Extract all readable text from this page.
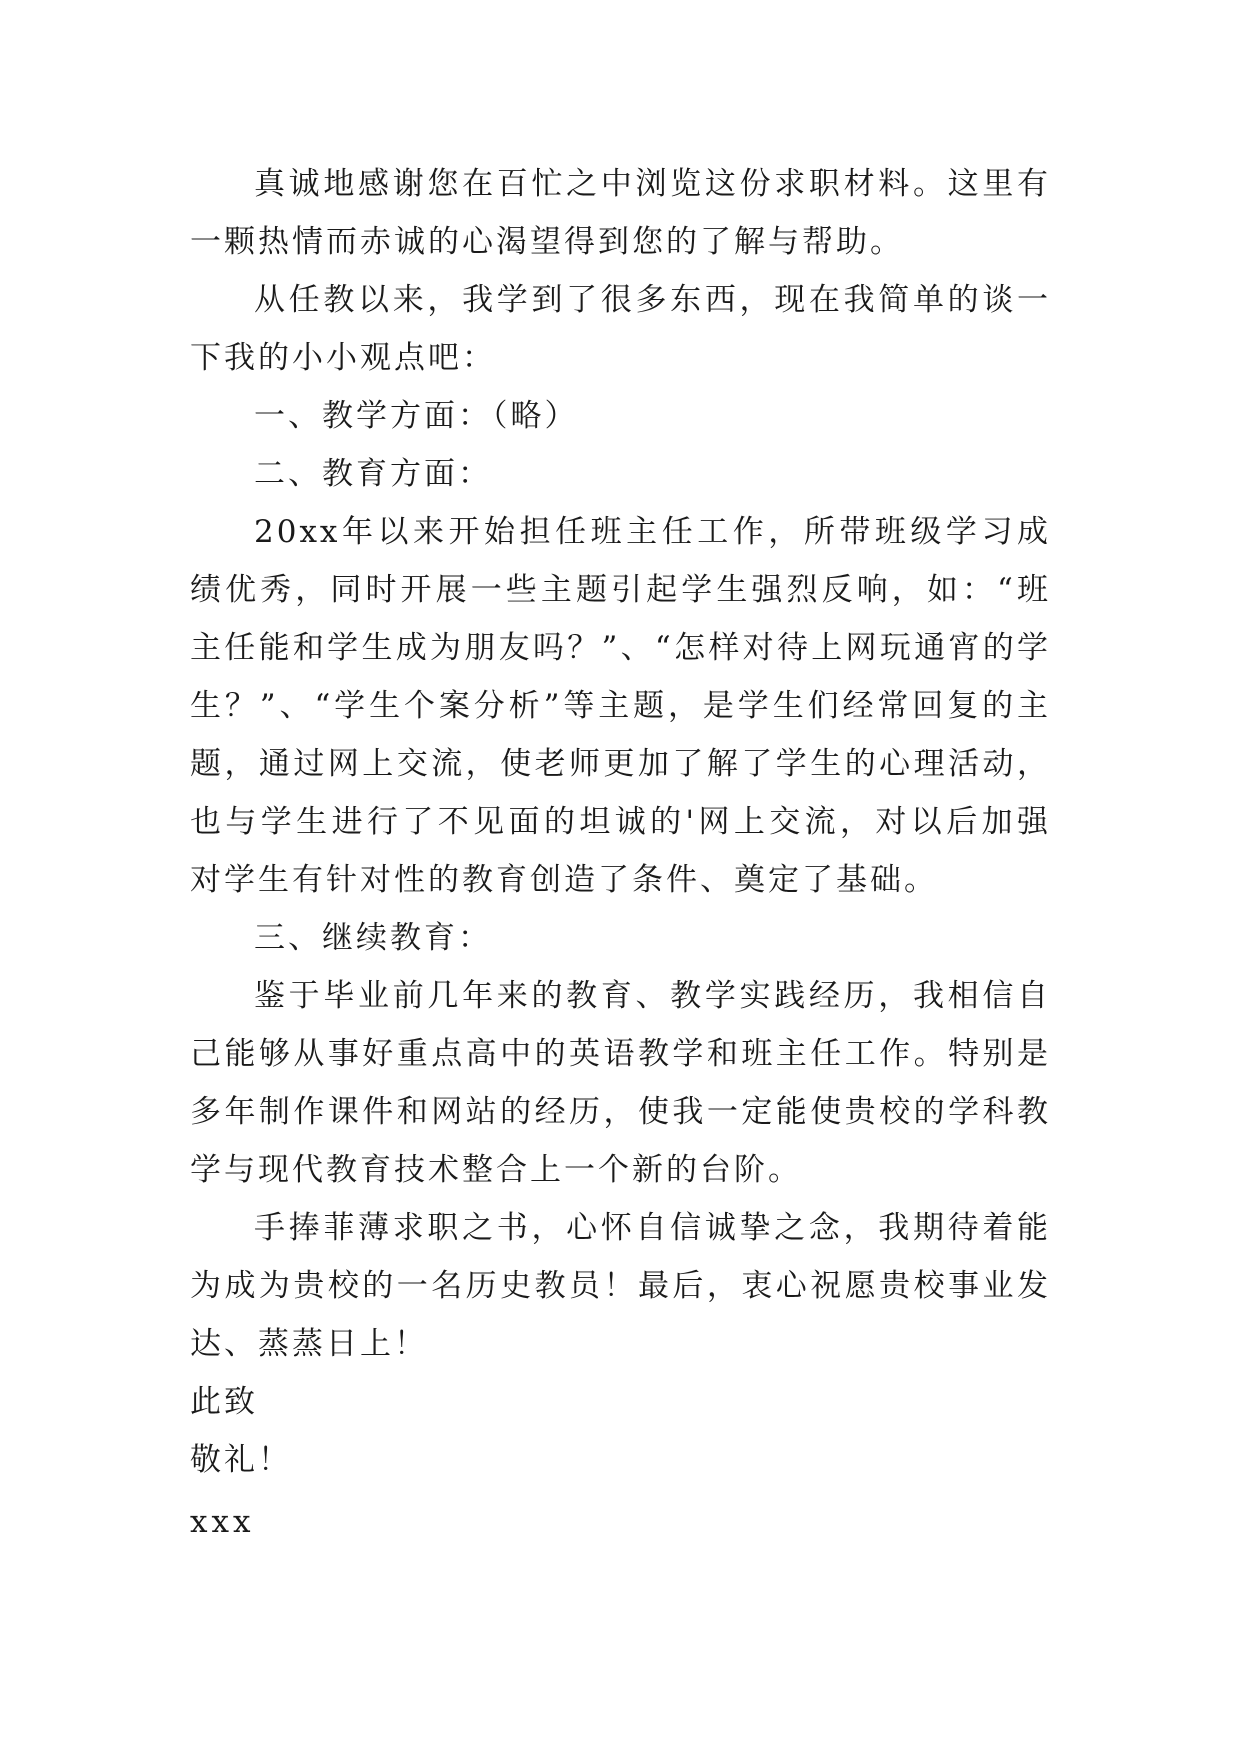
真诚地感谢您在百忙之中浏览这份求职材料。这里有一颗热情而赤诚的心渴望得到您的了解与帮助。

从任教以来，我学到了很多东西，现在我简单的谈一下我的小小观点吧：

一、教学方面：（略）

二、教育方面：

20xx年以来开始担任班主任工作，所带班级学习成绩优秀，同时开展一些主题引起学生强烈反响，如：“班主任能和学生成为朋友吗？”、“怎样对待上网玩通宵的学生？”、“学生个案分析”等主题，是学生们经常回复的主题，通过网上交流，使老师更加了解了学生的心理活动，也与学生进行了不见面的坦诚的'网上交流，对以后加强对学生有针对性的教育创造了条件、奠定了基础。

三、继续教育：

鉴于毕业前几年来的教育、教学实践经历，我相信自己能够从事好重点高中的英语教学和班主任工作。特别是多年制作课件和网站的经历，使我一定能使贵校的学科教学与现代教育技术整合上一个新的台阶。

手捧菲薄求职之书，心怀自信诚挚之念，我期待着能为成为贵校的一名历史教员！最后，衷心祝愿贵校事业发达、蒸蒸日上！

此致

敬礼！

xxx
